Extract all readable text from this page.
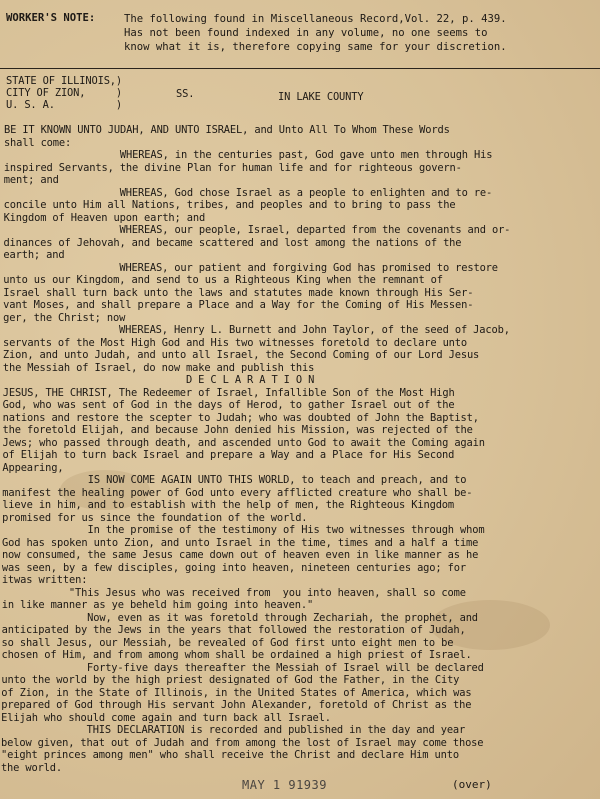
WORKER'S NOTE:	The following found in Miscellaneous Record,Vol. 22, p. 439.
Has not been found indexed in any volume, no one seems to
know what it is, therefore copying same for your discretion.
STATE OF ILLINOIS,)
CITY OF ZION,     )
U. S. A.          )
SS.	IN LAKE COUNTY
BE IT KNOWN UNTO JUDAH, AND UNTO ISRAEL, and Unto All To Whom These Words
shall come:
WHEREAS, in the centuries past, God gave unto men through His
inspired Servants, the divine Plan for human life and for righteous govern-
ment; and
WHEREAS, God chose Israel as a people to enlighten and to re-
concile unto Him all Nations, tribes, and peoples and to bring to pass the
Kingdom of Heaven upon earth; and
WHEREAS, our people, Israel, departed from the covenants and or-
dinances of Jehovah, and became scattered and lost among the nations of the
earth; and
WHEREAS, our patient and forgiving God has promised to restore
unto us our Kingdom, and send to us a Righteous King when the remnant of
Israel shall turn back unto the laws and statutes made known through His Ser-
vant Moses, and shall prepare a Place and a Way for the Coming of His Messen-
ger, the Christ; now
WHEREAS, Henry L. Burnett and John Taylor, of the seed of Jacob,
servants of the Most High God and His two witnesses foretold to declare unto
Zion, and unto Judah, and unto all Israel, the Second Coming of our Lord Jesus
the Messiah of Israel, do now make and publish this
D E C L A R A T I O N
JESUS, THE CHRIST, The Redeemer of Israel, Infallible Son of the Most High
God, who was sent of God in the days of Herod, to gather Israel out of the
nations and restore the scepter to Judah; who was doubted of John the Baptist,
the foretold Elijah, and because John denied his Mission, was rejected of the
Jews; who passed through death, and ascended unto God to await the Coming again
of Elijah to turn back Israel and prepare a Way and a Place for His Second
Appearing,
IS NOW COME AGAIN UNTO THIS WORLD, to teach and preach, and to
manifest the healing power of God unto every afflicted creature who shall be-
lieve in him, and to establish with the help of men, the Righteous Kingdom
promised for us since the foundation of the world.
In the promise of the testimony of His two witnesses through whom
God has spoken unto Zion, and unto Israel in the time, times and a half a time
now consumed, the same Jesus came down out of heaven even in like manner as he
was seen, by a few disciples, going into heaven, nineteen centuries ago; for
itwas written:
"This Jesus who was received from  you into heaven, shall so come
in like manner as ye beheld him going into heaven."
Now, even as it was foretold through Zechariah, the prophet, and
anticipated by the Jews in the years that followed the restoration of Judah,
so shall Jesus, our Messiah, be revealed of God first unto eight men to be
chosen of Him, and from among whom shall be ordained a high priest of Israel.
Forty-five days thereafter the Messiah of Israel will be declared
unto the world by the high priest designated of God the Father, in the City
of Zion, in the State of Illinois, in the United States of America, which was
prepared of God through His servant John Alexander, foretold of Christ as the
Elijah who should come again and turn back all Israel.
THIS DECLARATION is recorded and published in the day and year
below given, that out of Judah and from among the lost of Israel may come those
"eight princes among men" who shall receive the Christ and declare Him unto
the world.
MAY 1 91939	(over)
